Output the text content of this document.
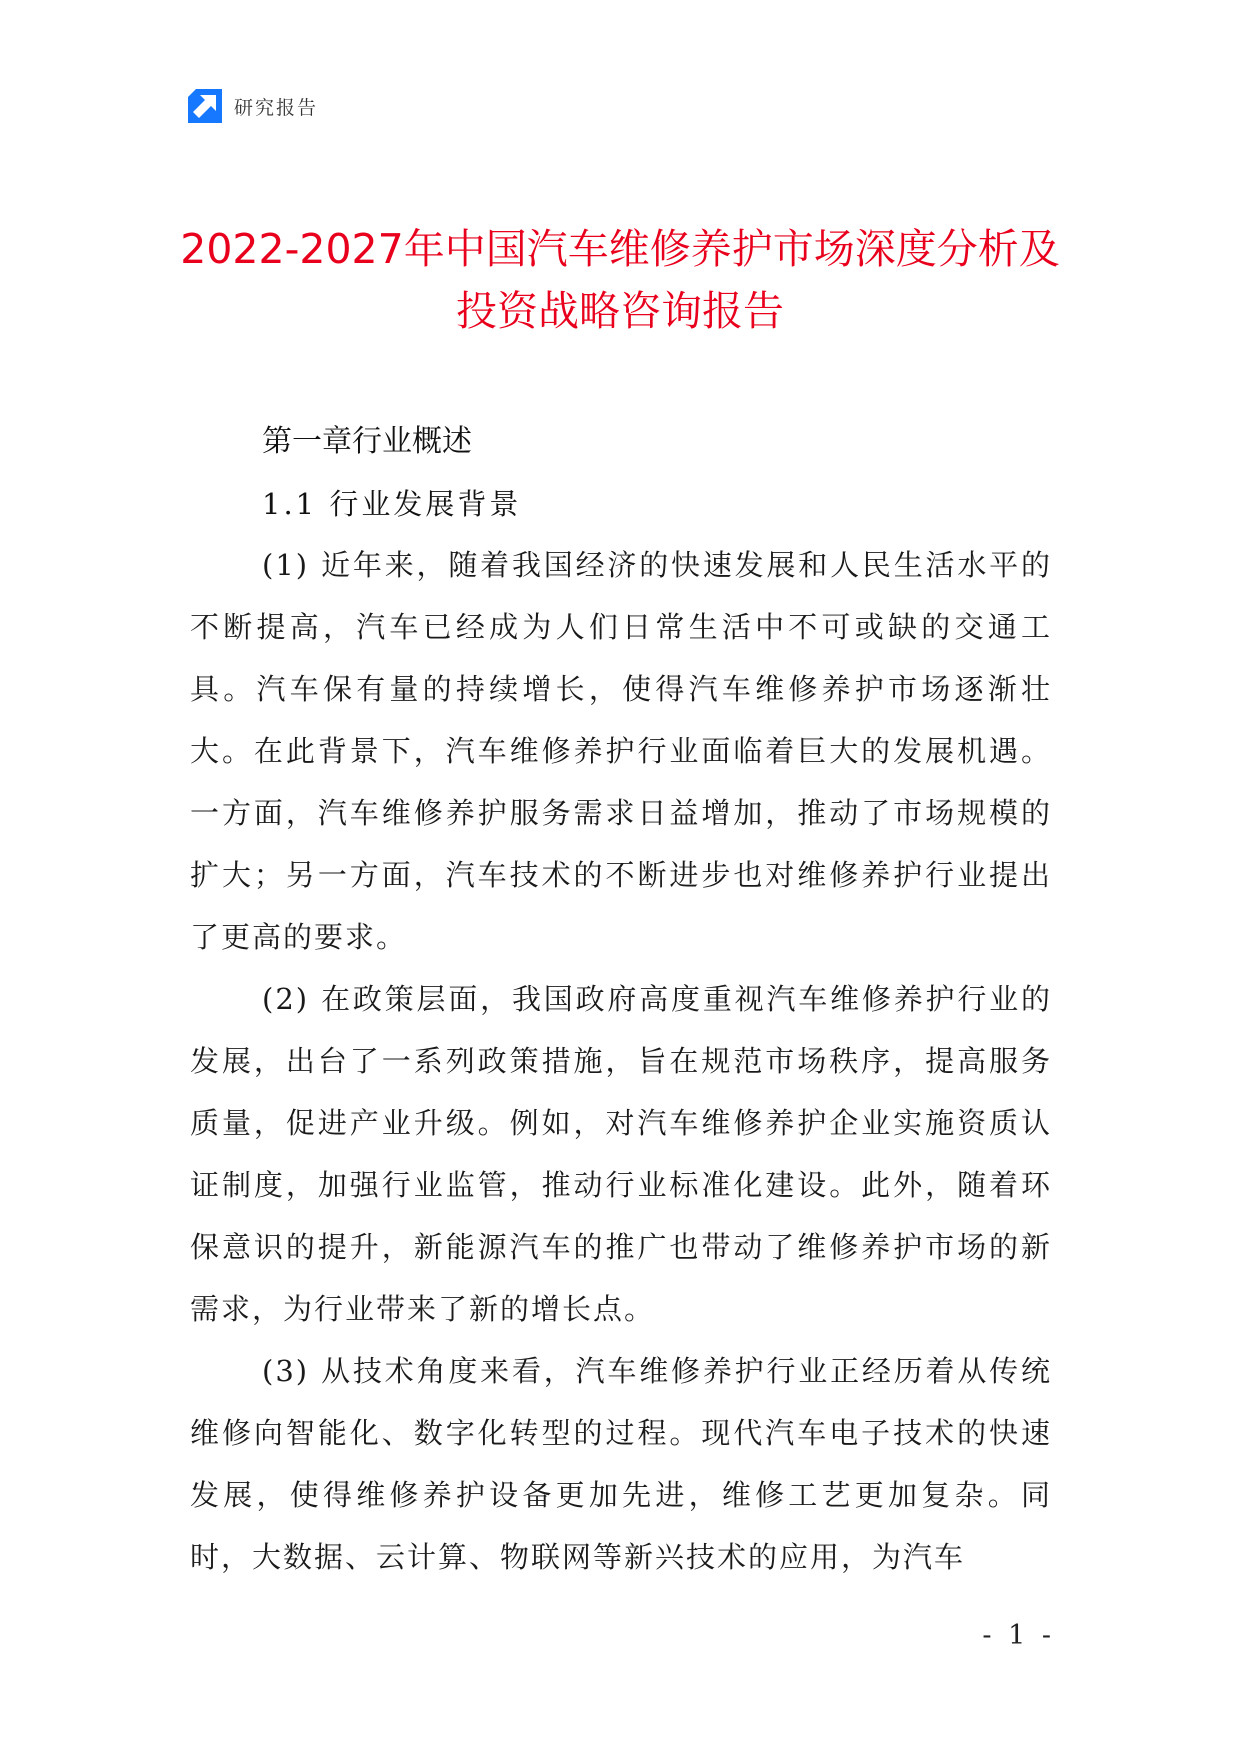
研究报告
2022-2027年中国汽车维修养护市场深度分析及投资战略咨询报告
第一章行业概述
1.1 行业发展背景

(1) 近年来，随着我国经济的快速发展和人民生活水平的不断提高，汽车已经成为人们日常生活中不可或缺的交通工具。汽车保有量的持续增长，使得汽车维修养护市场逐渐壮大。在此背景下，汽车维修养护行业面临着巨大的发展机遇。一方面，汽车维修养护服务需求日益增加，推动了市场规模的扩大；另一方面，汽车技术的不断进步也对维修养护行业提出了更高的要求。

(2) 在政策层面，我国政府高度重视汽车维修养护行业的发展，出台了一系列政策措施，旨在规范市场秩序，提高服务质量，促进产业升级。例如，对汽车维修养护企业实施资质认证制度，加强行业监管，推动行业标准化建设。此外，随着环保意识的提升，新能源汽车的推广也带动了维修养护市场的新需求，为行业带来了新的增长点。

(3) 从技术角度来看，汽车维修养护行业正经历着从传统维修向智能化、数字化转型的过程。现代汽车电子技术的快速发展，使得维修养护设备更加先进，维修工艺更加复杂。同时，大数据、云计算、物联网等新兴技术的应用，为汽车

- 1 -
